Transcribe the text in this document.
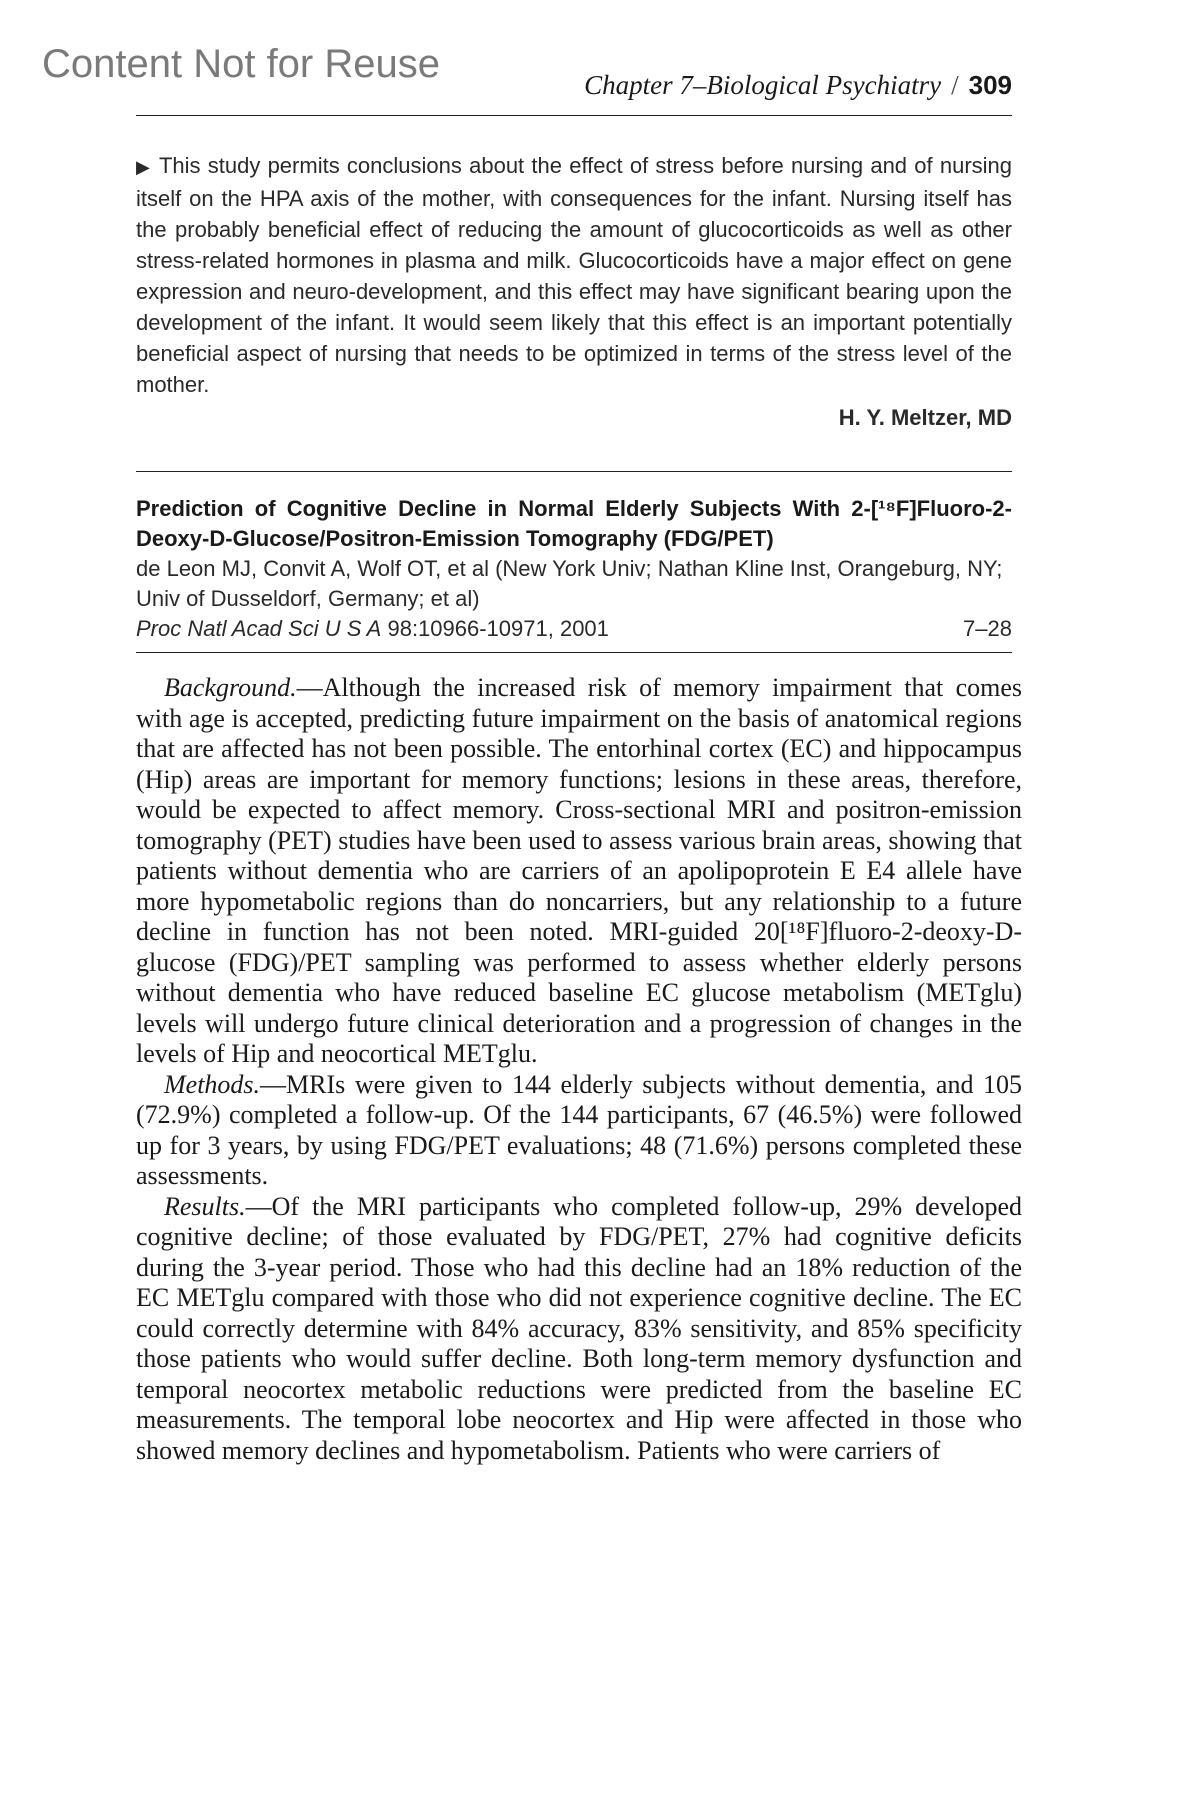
Content Not for Reuse	Chapter 7–Biological Psychiatry / 309
▶ This study permits conclusions about the effect of stress before nursing and of nursing itself on the HPA axis of the mother, with consequences for the infant. Nursing itself has the probably beneficial effect of reducing the amount of glucocorticoids as well as other stress-related hormones in plasma and milk. Glucocorticoids have a major effect on gene expression and neuro-development, and this effect may have significant bearing upon the development of the infant. It would seem likely that this effect is an important potentially beneficial aspect of nursing that needs to be optimized in terms of the stress level of the mother.
H. Y. Meltzer, MD
Prediction of Cognitive Decline in Normal Elderly Subjects With 2-[¹⁸F]Fluoro-2-Deoxy-D-Glucose/Positron-Emission Tomography (FDG/PET)
de Leon MJ, Convit A, Wolf OT, et al (New York Univ; Nathan Kline Inst, Orangeburg, NY; Univ of Dusseldorf, Germany; et al)
Proc Natl Acad Sci U S A 98:10966-10971, 2001	7–28

Background.—Although the increased risk of memory impairment that comes with age is accepted, predicting future impairment on the basis of anatomical regions that are affected has not been possible. The entorhinal cortex (EC) and hippocampus (Hip) areas are important for memory functions; lesions in these areas, therefore, would be expected to affect memory. Cross-sectional MRI and positron-emission tomography (PET) studies have been used to assess various brain areas, showing that patients without dementia who are carriers of an apolipoprotein E E4 allele have more hypometabolic regions than do noncarriers, but any relationship to a future decline in function has not been noted. MRI-guided 20[¹⁸F]fluoro-2-deoxy-D-glucose (FDG)/PET sampling was performed to assess whether elderly persons without dementia who have reduced baseline EC glucose metabolism (METglu) levels will undergo future clinical deterioration and a progression of changes in the levels of Hip and neocortical METglu.

Methods.—MRIs were given to 144 elderly subjects without dementia, and 105 (72.9%) completed a follow-up. Of the 144 participants, 67 (46.5%) were followed up for 3 years, by using FDG/PET evaluations; 48 (71.6%) persons completed these assessments.

Results.—Of the MRI participants who completed follow-up, 29% developed cognitive decline; of those evaluated by FDG/PET, 27% had cognitive deficits during the 3-year period. Those who had this decline had an 18% reduction of the EC METglu compared with those who did not experience cognitive decline. The EC could correctly determine with 84% accuracy, 83% sensitivity, and 85% specificity those patients who would suffer decline. Both long-term memory dysfunction and temporal neocortex metabolic reductions were predicted from the baseline EC measurements. The temporal lobe neocortex and Hip were affected in those who showed memory declines and hypometabolism. Patients who were carriers of
